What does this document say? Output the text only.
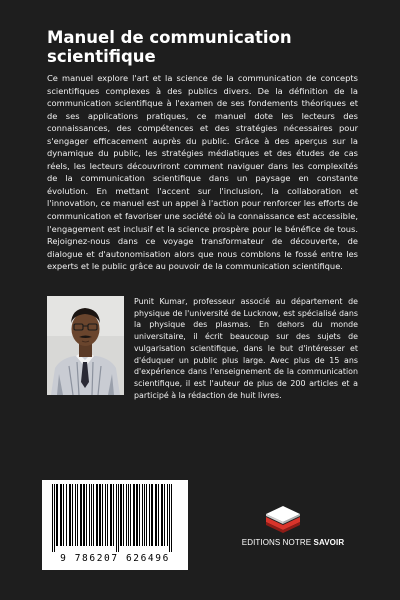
Manuel de communication
scientifique
Ce manuel explore l'art et la science de la communication de concepts scientifiques complexes à des publics divers. De la définition de la communication scientifique à l'examen de ses fondements théoriques et de ses applications pratiques, ce manuel dote les lecteurs des connaissances, des compétences et des stratégies nécessaires pour s'engager efficacement auprès du public. Grâce à des aperçus sur la dynamique du public, les stratégies médiatiques et des études de cas réels, les lecteurs découvriront comment naviguer dans les complexités de la communication scientifique dans un paysage en constante évolution. En mettant l'accent sur l'inclusion, la collaboration et l'innovation, ce manuel est un appel à l'action pour renforcer les efforts de communication et favoriser une société où la connaissance est accessible, l'engagement est inclusif et la science prospère pour le bénéfice de tous. Rejoignez-nous dans ce voyage transformateur de découverte, de dialogue et d'autonomisation alors que nous comblons le fossé entre les experts et le public grâce au pouvoir de la communication scientifique.
Punit Kumar, professeur associé au département de physique de l'université de Lucknow, est spécialisé dans la physique des plasmas. En dehors du monde universitaire, il écrit beaucoup sur des sujets de vulgarisation scientifique, dans le but d'intéresser et d'éduquer un public plus large. Avec plus de 15 ans d'expérience dans l'enseignement de la communication scientifique, il est l'auteur de plus de 200 articles et a participé à la rédaction de huit livres.
9 786207 626496
EDITIONS NOTRE SAVOIR
